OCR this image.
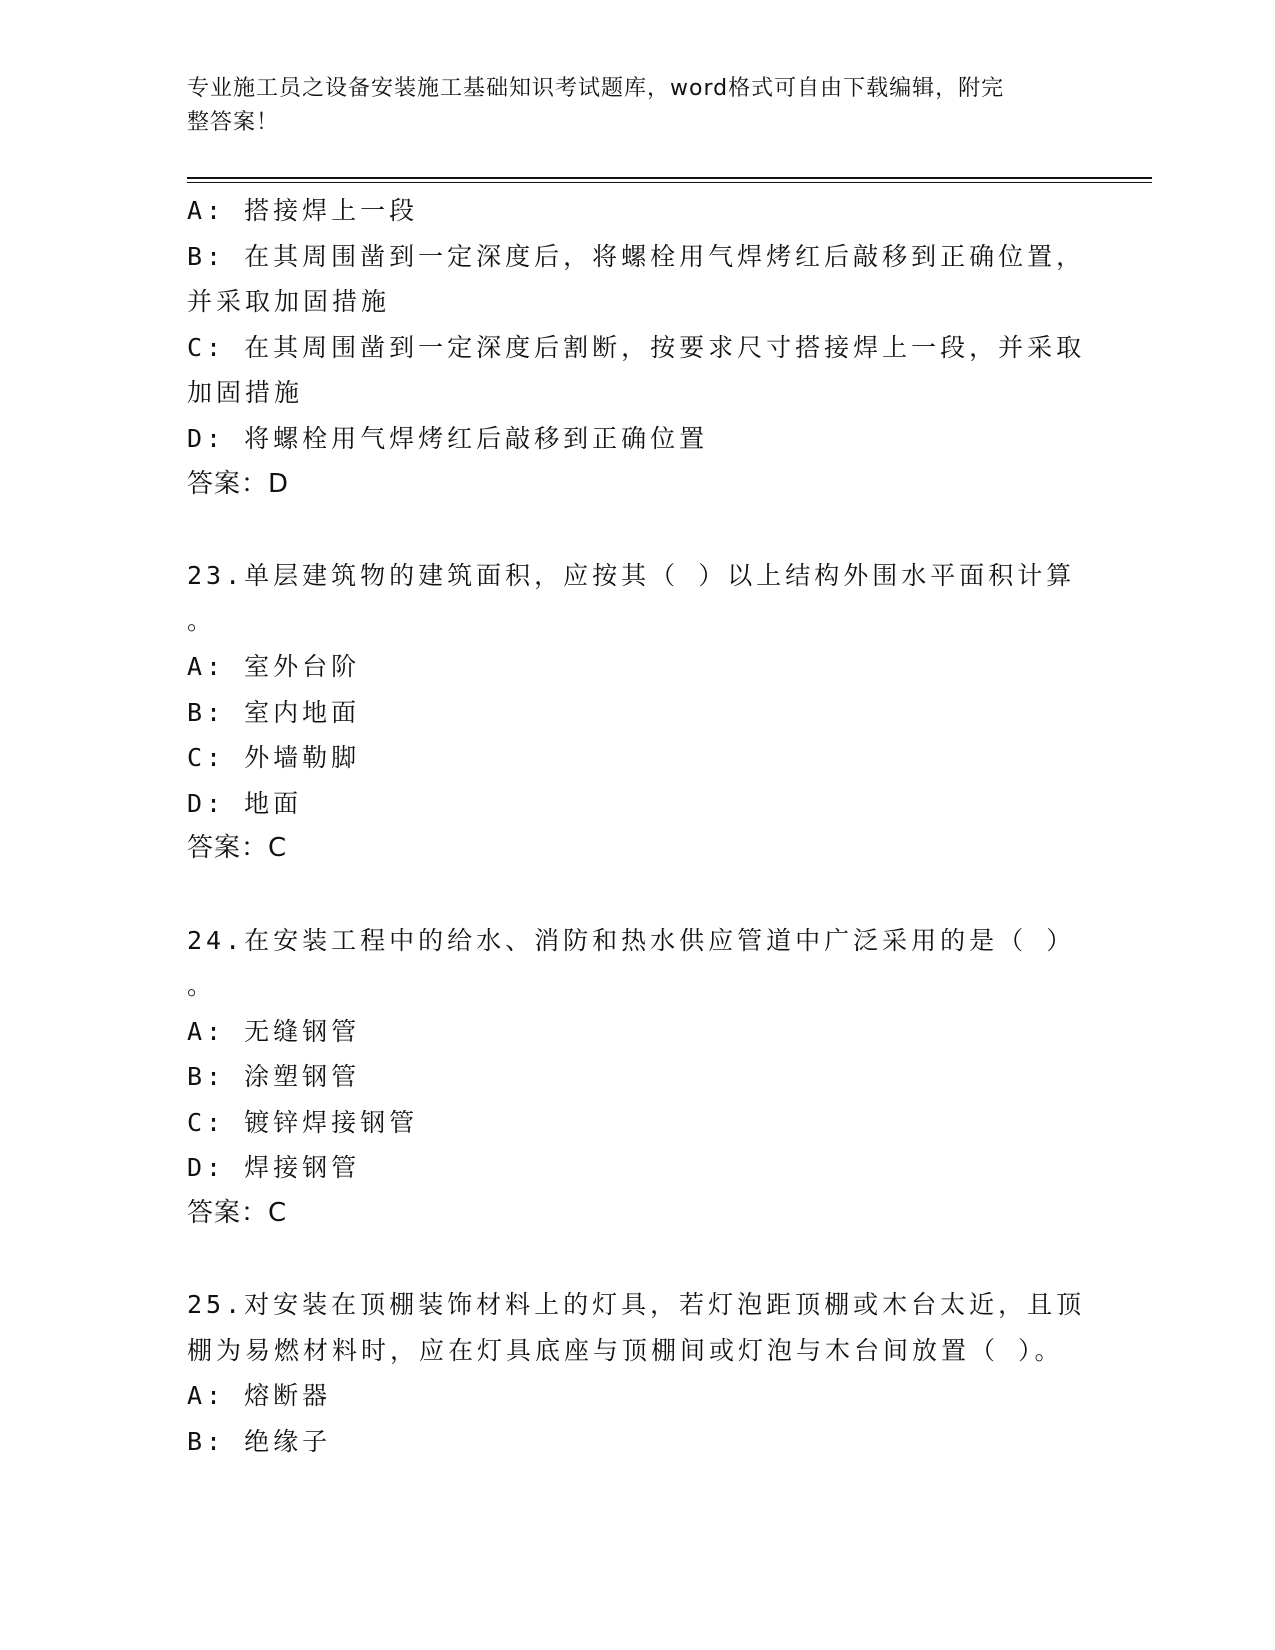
专业施工员之设备安装施工基础知识考试题库，word格式可自由下载编辑，附完
整答案！
A: 搭接焊上一段
B: 在其周围凿到一定深度后，将螺栓用气焊烤红后敲移到正确位置，
并采取加固措施
C: 在其周围凿到一定深度后割断，按要求尺寸搭接焊上一段，并采取
加固措施
D: 将螺栓用气焊烤红后敲移到正确位置
答案：D
23.单层建筑物的建筑面积，应按其（ ）以上结构外围水平面积计算
。
A: 室外台阶
B: 室内地面
C: 外墙勒脚
D: 地面
答案：C
24.在安装工程中的给水、消防和热水供应管道中广泛采用的是（ ）
。
A: 无缝钢管
B: 涂塑钢管
C: 镀锌焊接钢管
D: 焊接钢管
答案：C
25.对安装在顶棚装饰材料上的灯具，若灯泡距顶棚或木台太近，且顶
棚为易燃材料时，应在灯具底座与顶棚间或灯泡与木台间放置（ ）。
A: 熔断器
B: 绝缘子
